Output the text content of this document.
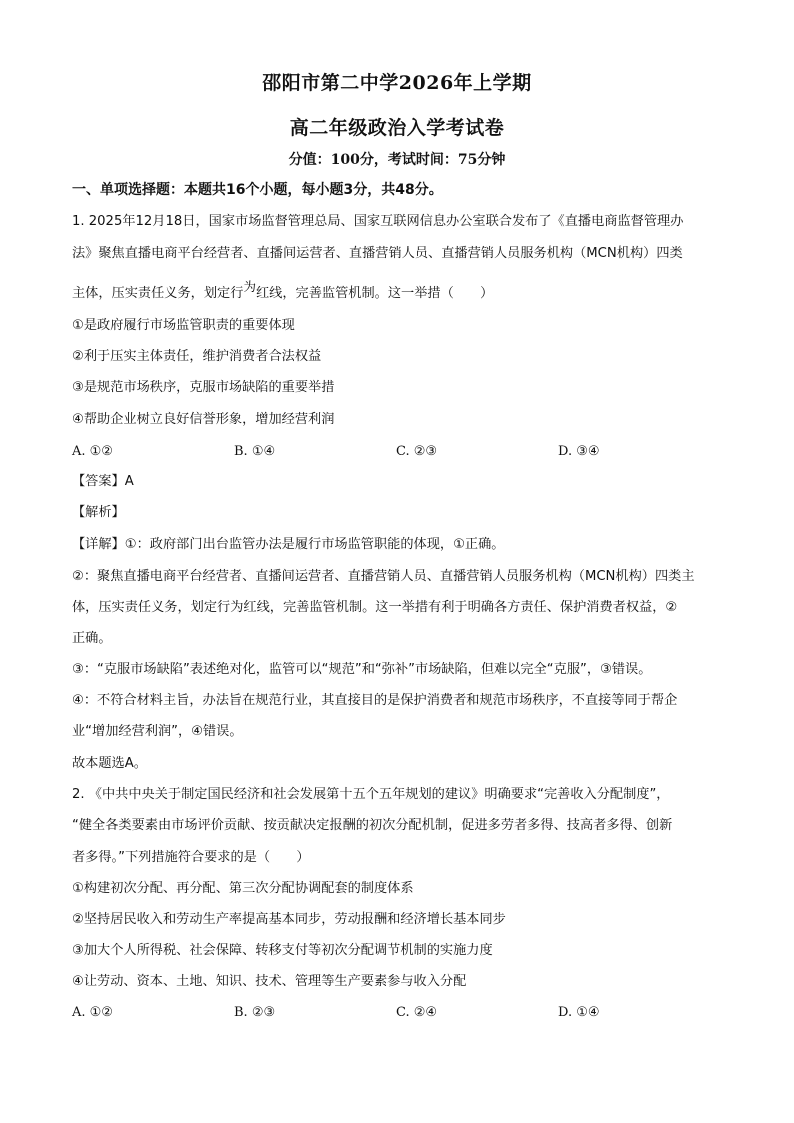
邵阳市第二中学2026年上学期
高二年级政治入学考试卷
分值：100分，考试时间：75分钟
一、单项选择题：本题共16个小题，每小题3分，共48分。
1. 2025年12月18日，国家市场监督管理总局、国家互联网信息办公室联合发布了《直播电商监督管理办
法》聚焦直播电商平台经营者、直播间运营者、直播营销人员、直播营销人员服务机构（MCN机构）四类
主体，压实责任义务，划定行为红线，完善监管机制。这一举措（　　）
①是政府履行市场监管职责的重要体现
②利于压实主体责任，维护消费者合法权益
③是规范市场秩序，克服市场缺陷的重要举措
④帮助企业树立良好信誉形象，增加经营利润
A. ①②	B. ①④	C. ②③	D. ③④
【答案】A
【解析】
【详解】①：政府部门出台监管办法是履行市场监管职能的体现，①正确。
②：聚焦直播电商平台经营者、直播间运营者、直播营销人员、直播营销人员服务机构（MCN机构）四类主
体，压实责任义务，划定行为红线，完善监管机制。这一举措有利于明确各方责任、保护消费者权益，②
正确。
③：“克服市场缺陷”表述绝对化，监管可以“规范”和“弥补”市场缺陷，但难以完全“克服”，③错误。
④：不符合材料主旨，办法旨在规范行业，其直接目的是保护消费者和规范市场秩序，不直接等同于帮企
业“增加经营利润”，④错误。
故本题选A。
2. 《中共中央关于制定国民经济和社会发展第十五个五年规划的建议》明确要求“完善收入分配制度”，
“健全各类要素由市场评价贡献、按贡献决定报酬的初次分配机制，促进多劳者多得、技高者多得、创新
者多得。”下列措施符合要求的是（　　）
①构建初次分配、再分配、第三次分配协调配套的制度体系
②坚持居民收入和劳动生产率提高基本同步，劳动报酬和经济增长基本同步
③加大个人所得税、社会保障、转移支付等初次分配调节机制的实施力度
④让劳动、资本、土地、知识、技术、管理等生产要素参与收入分配
A. ①②	B. ②③	C. ②④	D. ①④
